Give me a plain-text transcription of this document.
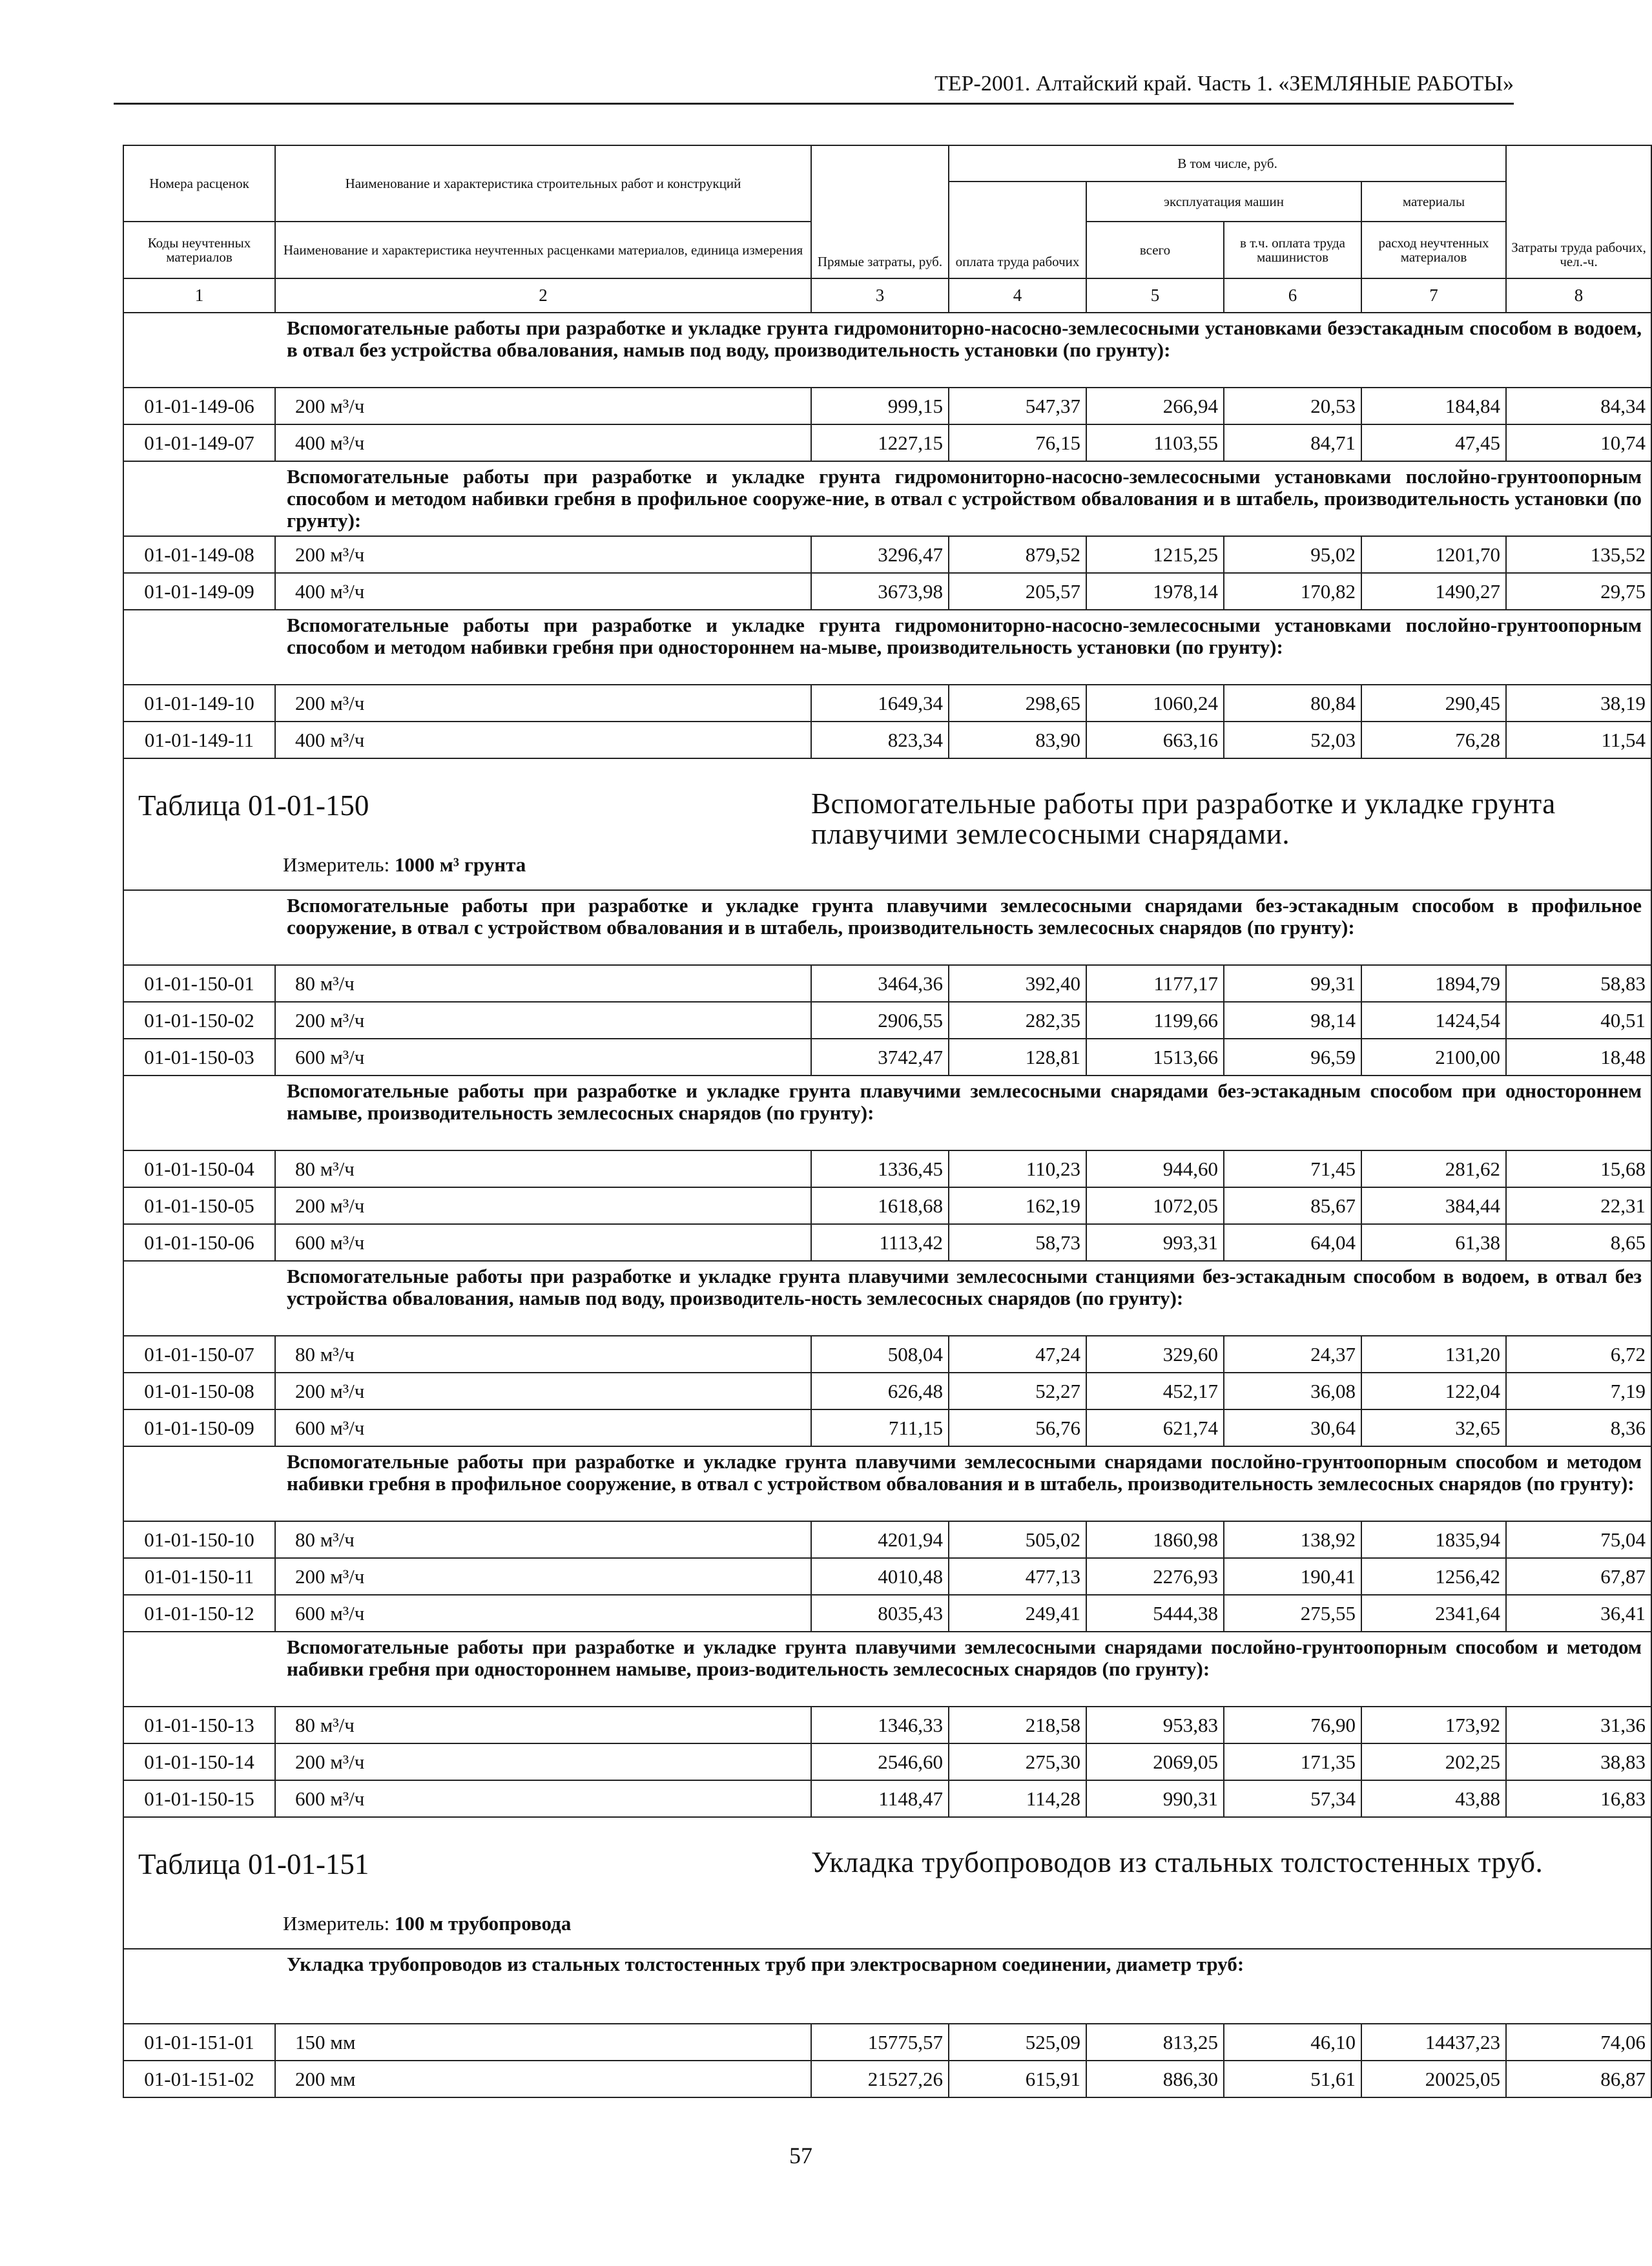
ТЕР-2001. Алтайский край. Часть 1. «ЗЕМЛЯНЫЕ РАБОТЫ»
Номера расценок	Наименование и характеристика строительных работ и конструкций	Прямые затраты, руб.	В том числе, руб.				Затраты труда рабочих, чел.-ч.
			оплата труда рабочих	эксплуатация машин		материалы	
Коды неучтенных материалов	Наименование и характеристика неучтенных расценками материалов, единица измерения			всего	в т.ч. оплата труда машинистов	расход неучтенных материалов	
1	2	3	4	5	6	7	8
	Вспомогательные работы при разработке и укладке грунта гидромониторно-насосно-землесосными установками безэстакадным способом в водоем, в отвал без устройства обвалования, намыв под воду, производительность установки (по грунту):						
01-01-149-06	200 м³/ч	999,15	547,37	266,94	20,53	184,84	84,34
01-01-149-07	400 м³/ч	1227,15	76,15	1103,55	84,71	47,45	10,74
	Вспомогательные работы при разработке и укладке грунта гидромониторно-насосно-землесосными установками послойно-грунтоопорным способом и методом набивки гребня в профильное сооруже-ние, в отвал с устройством обвалования и в штабель, производительность установки (по грунту):						
01-01-149-08	200 м³/ч	3296,47	879,52	1215,25	95,02	1201,70	135,52
01-01-149-09	400 м³/ч	3673,98	205,57	1978,14	170,82	1490,27	29,75
	Вспомогательные работы при разработке и укладке грунта гидромониторно-насосно-землесосными установками послойно-грунтоопорным способом и методом набивки гребня при одностороннем на-мыве, производительность установки (по грунту):						
01-01-149-10	200 м³/ч	1649,34	298,65	1060,24	80,84	290,45	38,19
01-01-149-11	400 м³/ч	823,34	83,90	663,16	52,03	76,28	11,54

Таблица 01-01-150
Измеритель: 1000 м³ грунта		Вспомогательные работы при разработке и укладке грунта плавучими землесосными снарядами.					
	Вспомогательные работы при разработке и укладке грунта плавучими землесосными снарядами без-эстакадным способом в профильное сооружение, в отвал с устройством обвалования и в штабель, производительность землесосных снарядов (по грунту):						
01-01-150-01	80 м³/ч	3464,36	392,40	1177,17	99,31	1894,79	58,83
01-01-150-02	200 м³/ч	2906,55	282,35	1199,66	98,14	1424,54	40,51
01-01-150-03	600 м³/ч	3742,47	128,81	1513,66	96,59	2100,00	18,48
	Вспомогательные работы при разработке и укладке грунта плавучими землесосными снарядами без-эстакадным способом при одностороннем намыве, производительность землесосных снарядов (по грунту):						
01-01-150-04	80 м³/ч	1336,45	110,23	944,60	71,45	281,62	15,68
01-01-150-05	200 м³/ч	1618,68	162,19	1072,05	85,67	384,44	22,31
01-01-150-06	600 м³/ч	1113,42	58,73	993,31	64,04	61,38	8,65
	Вспомогательные работы при разработке и укладке грунта плавучими землесосными станциями без-эстакадным способом в водоем, в отвал без устройства обвалования, намыв под воду, производитель-ность землесосных снарядов (по грунту):						
01-01-150-07	80 м³/ч	508,04	47,24	329,60	24,37	131,20	6,72
01-01-150-08	200 м³/ч	626,48	52,27	452,17	36,08	122,04	7,19
01-01-150-09	600 м³/ч	711,15	56,76	621,74	30,64	32,65	8,36
	Вспомогательные работы при разработке и укладке грунта плавучими землесосными снарядами послойно-грунтоопорным способом и методом набивки гребня в профильное сооружение, в отвал с устройством обвалования и в штабель, производительность землесосных снарядов (по грунту):						
01-01-150-10	80 м³/ч	4201,94	505,02	1860,98	138,92	1835,94	75,04
01-01-150-11	200 м³/ч	4010,48	477,13	2276,93	190,41	1256,42	67,87
01-01-150-12	600 м³/ч	8035,43	249,41	5444,38	275,55	2341,64	36,41
	Вспомогательные работы при разработке и укладке грунта плавучими землесосными снарядами послойно-грунтоопорным способом и методом набивки гребня при одностороннем намыве, произ-водительность землесосных снарядов (по грунту):						
01-01-150-13	80 м³/ч	1346,33	218,58	953,83	76,90	173,92	31,36
01-01-150-14	200 м³/ч	2546,60	275,30	2069,05	171,35	202,25	38,83
01-01-150-15	600 м³/ч	1148,47	114,28	990,31	57,34	43,88	16,83

Таблица 01-01-151
Измеритель: 100 м трубопровода		Укладка трубопроводов из стальных толстостенных труб.					
	Укладка трубопроводов из стальных толстостенных труб при электросварном соединении, диаметр труб:						
01-01-151-01	150 мм	15775,57	525,09	813,25	46,10	14437,23	74,06
01-01-151-02	200 мм	21527,26	615,91	886,30	51,61	20025,05	86,87
57
